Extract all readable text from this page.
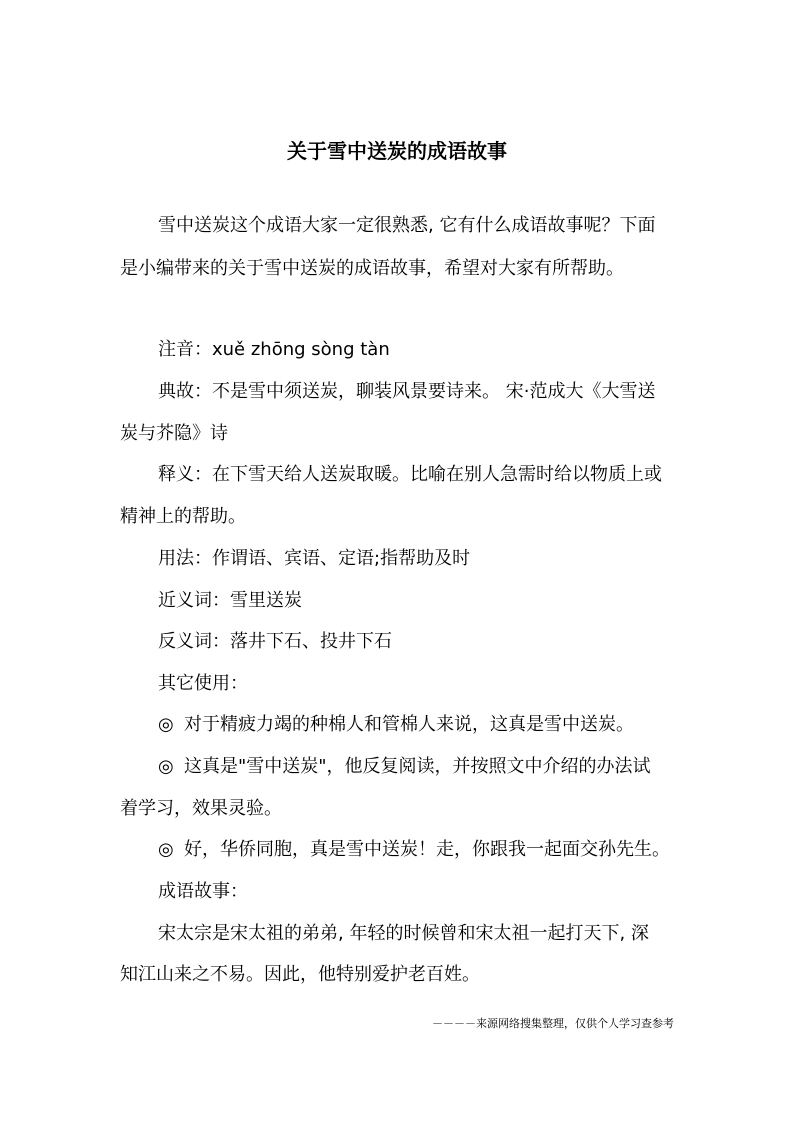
关于雪中送炭的成语故事
雪中送炭这个成语大家一定很熟悉, 它有什么成语故事呢？下面
是小编带来的关于雪中送炭的成语故事，希望对大家有所帮助。
注音：xuě zhōng sòng tàn
典故：不是雪中须送炭，聊装风景要诗来。 宋·范成大《大雪送
炭与芥隐》诗
释义：在下雪天给人送炭取暖。比喻在别人急需时给以物质上或
精神上的帮助。
用法：作谓语、宾语、定语;指帮助及时
近义词：雪里送炭
反义词：落井下石、投井下石
其它使用：
◎ 对于精疲力竭的种棉人和管棉人来说，这真是雪中送炭。
◎ 这真是"雪中送炭"，他反复阅读，并按照文中介绍的办法试
着学习，效果灵验。
◎ 好，华侨同胞，真是雪中送炭！走，你跟我一起面交孙先生。
成语故事：
宋太宗是宋太祖的弟弟, 年轻的时候曾和宋太祖一起打天下, 深
知江山来之不易。因此，他特别爱护老百姓。
－－－－来源网络搜集整理，仅供个人学习查参考
